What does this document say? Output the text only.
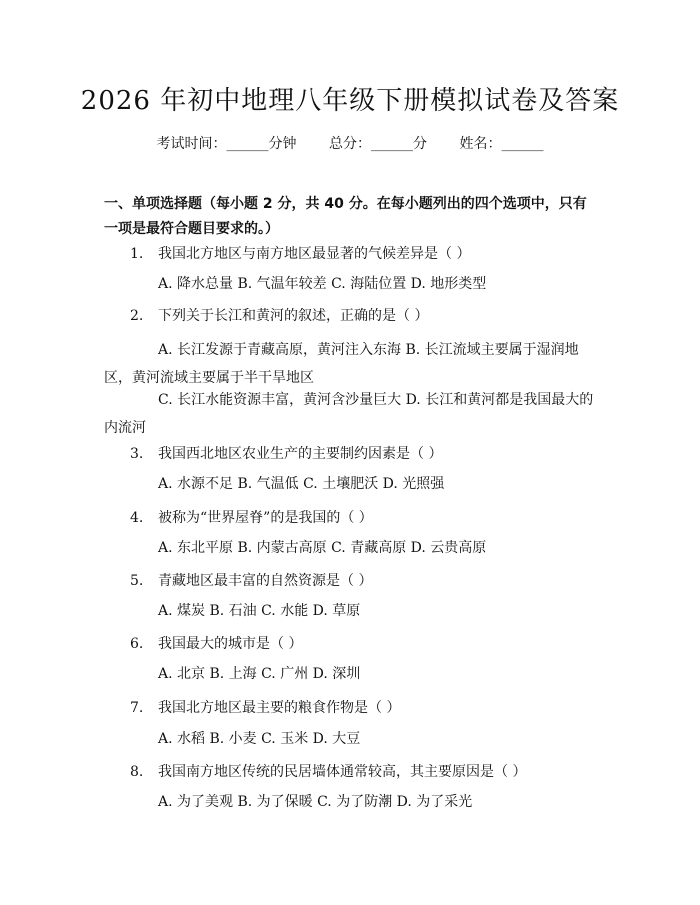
2026 年初中地理八年级下册模拟试卷及答案
考试时间：______分钟 总分：______分 姓名：______

一、单项选择题（每小题 2 分，共 40 分。在每小题列出的四个选项中，只有一项是最符合题目要求的。）

1. 我国北方地区与南方地区最显著的气候差异是（ ）
A. 降水总量 B. 气温年较差 C. 海陆位置 D. 地形类型
2. 下列关于长江和黄河的叙述，正确的是（ ）
A. 长江发源于青藏高原，黄河注入东海 B. 长江流域主要属于湿润地区，黄河流域主要属于半干旱地区
C. 长江水能资源丰富，黄河含沙量巨大 D. 长江和黄河都是我国最大的内流河
3. 我国西北地区农业生产的主要制约因素是（ ）
A. 水源不足 B. 气温低 C. 土壤肥沃 D. 光照强
4. 被称为“世界屋脊”的是我国的（ ）
A. 东北平原 B. 内蒙古高原 C. 青藏高原 D. 云贵高原
5. 青藏地区最丰富的自然资源是（ ）
A. 煤炭 B. 石油 C. 水能 D. 草原
6. 我国最大的城市是（ ）
A. 北京 B. 上海 C. 广州 D. 深圳
7. 我国北方地区最主要的粮食作物是（ ）
A. 水稻 B. 小麦 C. 玉米 D. 大豆
8. 我国南方地区传统的民居墙体通常较高，其主要原因是（ ）
A. 为了美观 B. 为了保暖 C. 为了防潮 D. 为了采光
